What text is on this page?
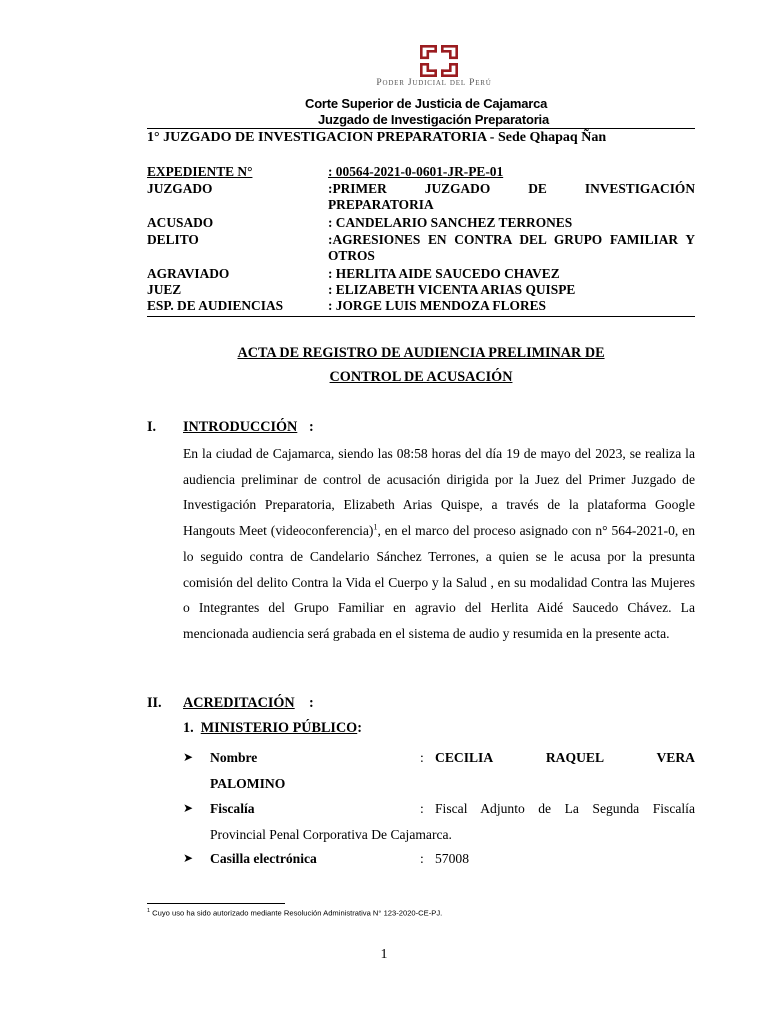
Poder Judicial del Perú
Corte Superior de Justicia de Cajamarca
Juzgado de Investigación Preparatoria
1° JUZGADO DE INVESTIGACION PREPARATORIA - Sede Qhapaq Ñan
EXPEDIENTE N°	: 00564-2021-0-0601-JR-PE-01
JUZGADO	:PRIMER JUZGADO DE INVESTIGACIÓN PREPARATORIA
ACUSADO	: CANDELARIO SANCHEZ TERRONES
DELITO	:AGRESIONES EN CONTRA DEL GRUPO FAMILIAR Y OTROS
AGRAVIADO	: HERLITA AIDE SAUCEDO CHAVEZ
JUEZ	: ELIZABETH VICENTA ARIAS QUISPE
ESP. DE AUDIENCIAS	: JORGE LUIS MENDOZA FLORES
ACTA DE REGISTRO DE AUDIENCIA PRELIMINAR DE
CONTROL DE ACUSACIÓN
I. INTRODUCCIÓN :
En la ciudad de Cajamarca, siendo las 08:58 horas del día 19 de mayo del 2023, se realiza la audiencia preliminar de control de acusación dirigida por la Juez del Primer Juzgado de Investigación Preparatoria, Elizabeth Arias Quispe, a través de la plataforma Google Hangouts Meet (videoconferencia)$^1$, en el marco del proceso asignado con n° 564-2021-0, en lo seguido contra de Candelario Sánchez Terrones, a quien se le acusa por la presunta comisión del delito Contra la Vida el Cuerpo y la Salud , en su modalidad Contra las Mujeres o Integrantes del Grupo Familiar en agravio del Herlita Aidé Saucedo Chávez. La mencionada audiencia será grabada en el sistema de audio y resumida en la presente acta.
II. ACREDITACIÓN :
1. MINISTERIO PÚBLICO:
➤ Nombre	: CECILIA RAQUEL VERA
PALOMINO
➤ Fiscalía	: Fiscal Adjunto de La Segunda Fiscalía Provincial Penal Corporativa De Cajamarca.
➤ Casilla electrónica	: 57008
$^1$ Cuyo uso ha sido autorizado mediante Resolución Administrativa N° 123-2020-CE-PJ.
1
